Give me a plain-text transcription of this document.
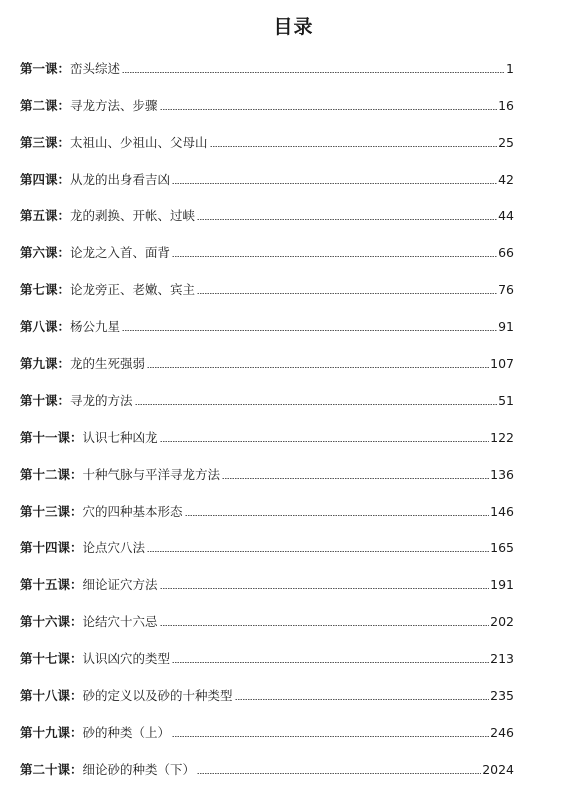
目录
第一课 ： 峦头综述	1
第二课 ： 寻龙方法、步骤	16
第三课 ： 太祖山、少祖山、父母山	25
第四课 ： 从龙的出身看吉凶	42
第五课 ： 龙的剥换、开帐、过峡	44
第六课 ： 论龙之入首、面背	66
第七课 ： 论龙旁正、老嫩、宾主	76
第八课 ： 杨公九星	91
第九课 ： 龙的生死强弱	107
第十课 ： 寻龙的方法	51
第十一课 ： 认识七种凶龙	122
第十二课 ： 十种气脉与平洋寻龙方法	136
第十三课 ： 穴的四种基本形态	146
第十四课 ： 论点穴八法	165
第十五课 ： 细论证穴方法	191
第十六课 ： 论结穴十六忌	202
第十七课 ： 认识凶穴的类型	213
第十八课 ： 砂的定义以及砂的十种类型	235
第十九课 ： 砂的种类（上）	246
第二十课 ： 细论砂的种类（下）	2024
